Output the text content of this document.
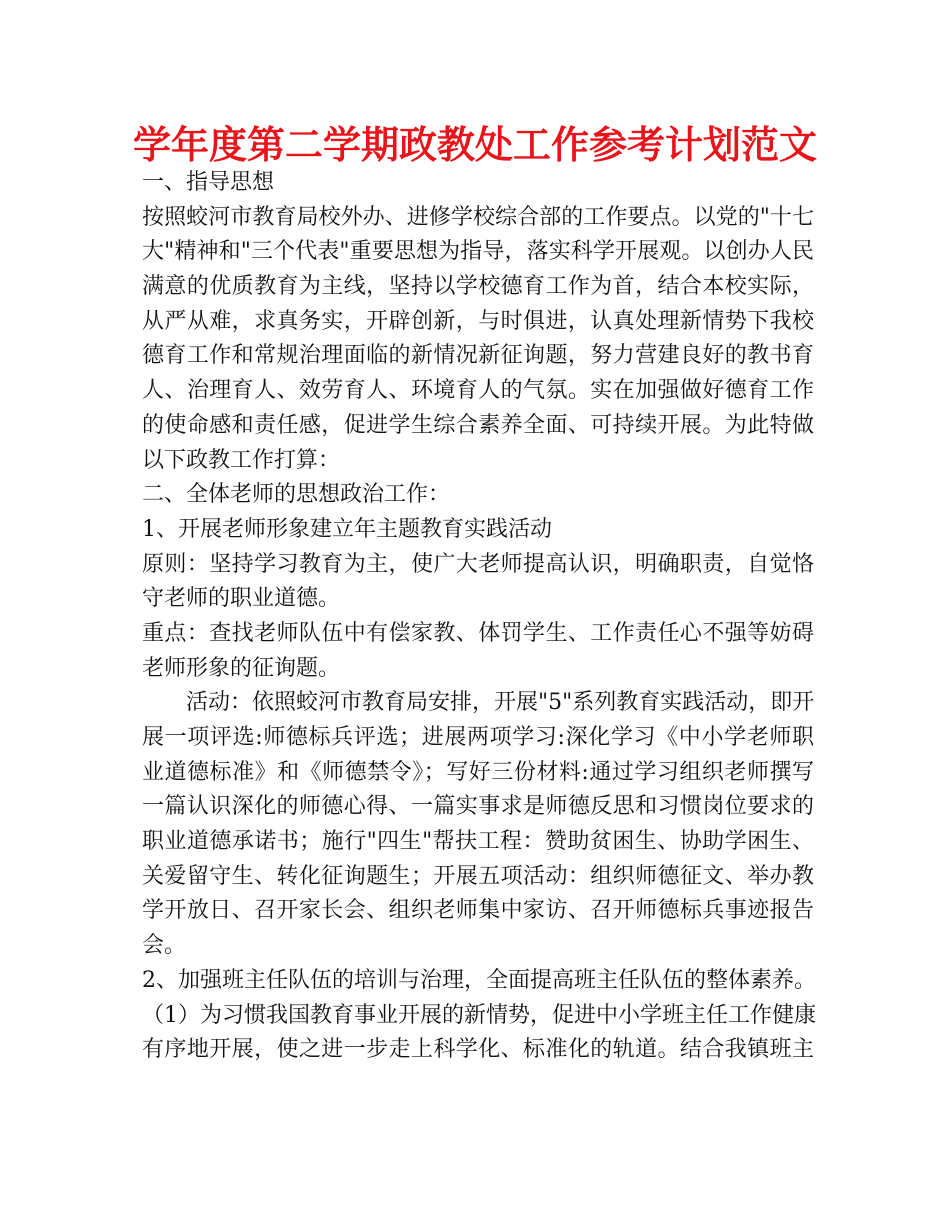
学年度第二学期政教处工作参考计划范文
一、指导思想
按照蛟河市教育局校外办、进修学校综合部的工作要点。以党的"十七
大"精神和"三个代表"重要思想为指导，落实科学开展观。以创办人民
满意的优质教育为主线，坚持以学校德育工作为首，结合本校实际，
从严从难，求真务实，开辟创新，与时俱进，认真处理新情势下我校
德育工作和常规治理面临的新情况新征询题，努力营建良好的教书育
人、治理育人、效劳育人、环境育人的气氛。实在加强做好德育工作
的使命感和责任感，促进学生综合素养全面、可持续开展。为此特做
以下政教工作打算：
二、全体老师的思想政治工作：
1、开展老师形象建立年主题教育实践活动
原则：坚持学习教育为主，使广大老师提高认识，明确职责，自觉恪
守老师的职业道德。
重点：查找老师队伍中有偿家教、体罚学生、工作责任心不强等妨碍
老师形象的征询题。
活动：依照蛟河市教育局安排，开展"5"系列教育实践活动，即开
展一项评选:师德标兵评选；进展两项学习:深化学习《中小学老师职
业道德标准》和《师德禁令》；写好三份材料:通过学习组织老师撰写
一篇认识深化的师德心得、一篇实事求是师德反思和习惯岗位要求的
职业道德承诺书；施行"四生"帮扶工程：赞助贫困生、协助学困生、
关爱留守生、转化征询题生；开展五项活动：组织师德征文、举办教
学开放日、召开家长会、组织老师集中家访、召开师德标兵事迹报告
会。
2、加强班主任队伍的培训与治理，全面提高班主任队伍的整体素养。
（1）为习惯我国教育事业开展的新情势，促进中小学班主任工作健康
有序地开展，使之进一步走上科学化、标准化的轨道。结合我镇班主
